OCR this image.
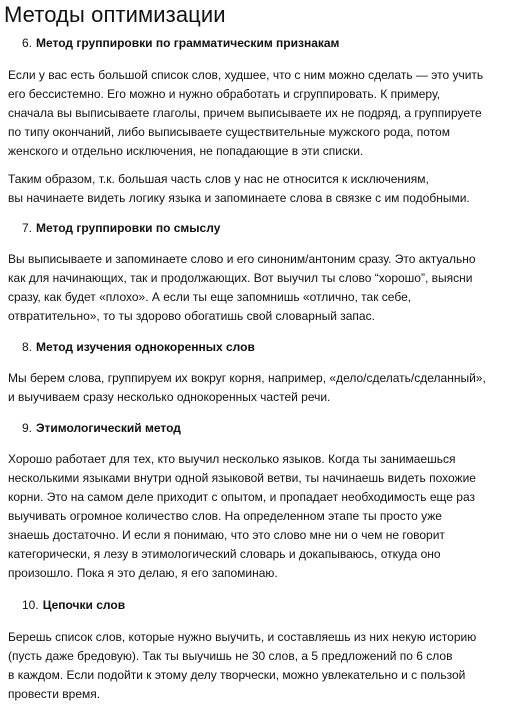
Методы оптимизации
6. Метод группировки по грамматическим признакам
Если у вас есть большой список слов, худшее, что с ним можно сделать — это учить
его бессистемно. Его можно и нужно обработать и сгруппировать. К примеру,
сначала вы выписываете глаголы, причем выписываете их не подряд, а группируете
по типу окончаний, либо выписываете существительные мужского рода, потом
женского и отдельно исключения, не попадающие в эти списки.
Таким образом, т.к. большая часть слов у нас не относится к исключениям,
вы начинаете видеть логику языка и запоминаете слова в связке с им подобными.
7. Метод группировки по смыслу
Вы выписываете и запоминаете слово и его синоним/антоним сразу. Это актуально
как для начинающих, так и продолжающих. Вот выучил ты слово “хорошо”, выясни
сразу, как будет «плохо». А если ты еще запомнишь «отлично, так себе,
отвратительно», то ты здорово обогатишь свой словарный запас.
8. Метод изучения однокоренных слов
Мы берем слова, группируем их вокруг корня, например, «дело/сделать/сделанный»,
и выучиваем сразу несколько однокоренных частей речи.
9. Этимологический метод
Хорошо работает для тех, кто выучил несколько языков. Когда ты занимаешься
несколькими языками внутри одной языковой ветви, ты начинаешь видеть похожие
корни. Это на самом деле приходит с опытом, и пропадает необходимость еще раз
выучивать огромное количество слов. На определенном этапе ты просто уже
знаешь достаточно. И если я понимаю, что это слово мне ни о чем не говорит
категорически, я лезу в этимологический словарь и докапываюсь, откуда оно
произошло. Пока я это делаю, я его запоминаю.
10. Цепочки слов
Берешь список слов, которые нужно выучить, и составляешь из них некую историю
(пусть даже бредовую). Так ты выучишь не 30 слов, а 5 предложений по 6 слов
в каждом. Если подойти к этому делу творчески, можно увлекательно и с пользой
провести время.
